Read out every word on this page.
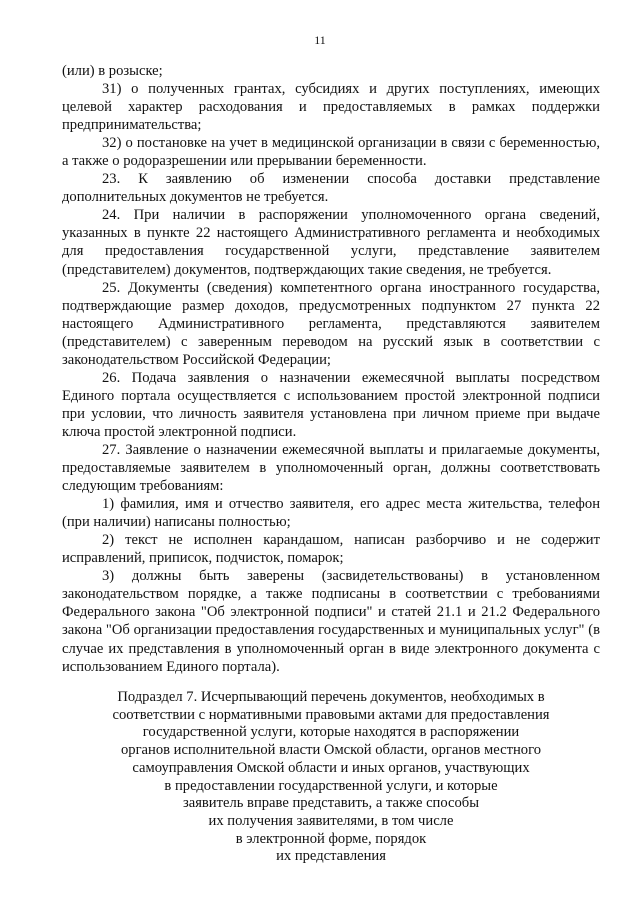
11

(или) в розыске;

31) о полученных грантах, субсидиях и других поступлениях, имеющих целевой характер расходования и предоставляемых в рамках поддержки предпринимательства;

32) о постановке на учет в медицинской организации в связи с беременностью, а также о родоразрешении или прерывании беременности.

23. К заявлению об изменении способа доставки представление дополнительных документов не требуется.

24. При наличии в распоряжении уполномоченного органа сведений, указанных в пункте 22 настоящего Административного регламента и необходимых для предоставления государственной услуги, представление заявителем (представителем) документов, подтверждающих такие сведения, не требуется.

25. Документы (сведения) компетентного органа иностранного государства, подтверждающие размер доходов, предусмотренных подпунктом 27 пункта 22 настоящего Административного регламента, представляются заявителем (представителем) с заверенным переводом на русский язык в соответствии с законодательством Российской Федерации;

26. Подача заявления о назначении ежемесячной выплаты посредством Единого портала осуществляется с использованием простой электронной подписи при условии, что личность заявителя установлена при личном приеме при выдаче ключа простой электронной подписи.

27. Заявление о назначении ежемесячной выплаты и прилагаемые документы, предоставляемые заявителем в уполномоченный орган, должны соответствовать следующим требованиям:

1) фамилия, имя и отчество заявителя, его адрес места жительства, телефон (при наличии) написаны полностью;

2) текст не исполнен карандашом, написан разборчиво и не содержит исправлений, приписок, подчисток, помарок;

3) должны быть заверены (засвидетельствованы) в установленном законодательством порядке, а также подписаны в соответствии с требованиями Федерального закона "Об электронной подписи" и статей 21.1 и 21.2 Федерального закона "Об организации предоставления государственных и муниципальных услуг" (в случае их представления в уполномоченный орган в виде электронного документа с использованием Единого портала).

Подраздел 7. Исчерпывающий перечень документов, необходимых в
соответствии с нормативными правовыми актами для предоставления
государственной услуги, которые находятся в распоряжении
органов исполнительной власти Омской области, органов местного
самоуправления Омской области и иных органов, участвующих
в предоставлении государственной услуги, и которые
заявитель вправе представить, а также способы
их получения заявителями, в том числе
в электронной форме, порядок
их представления
